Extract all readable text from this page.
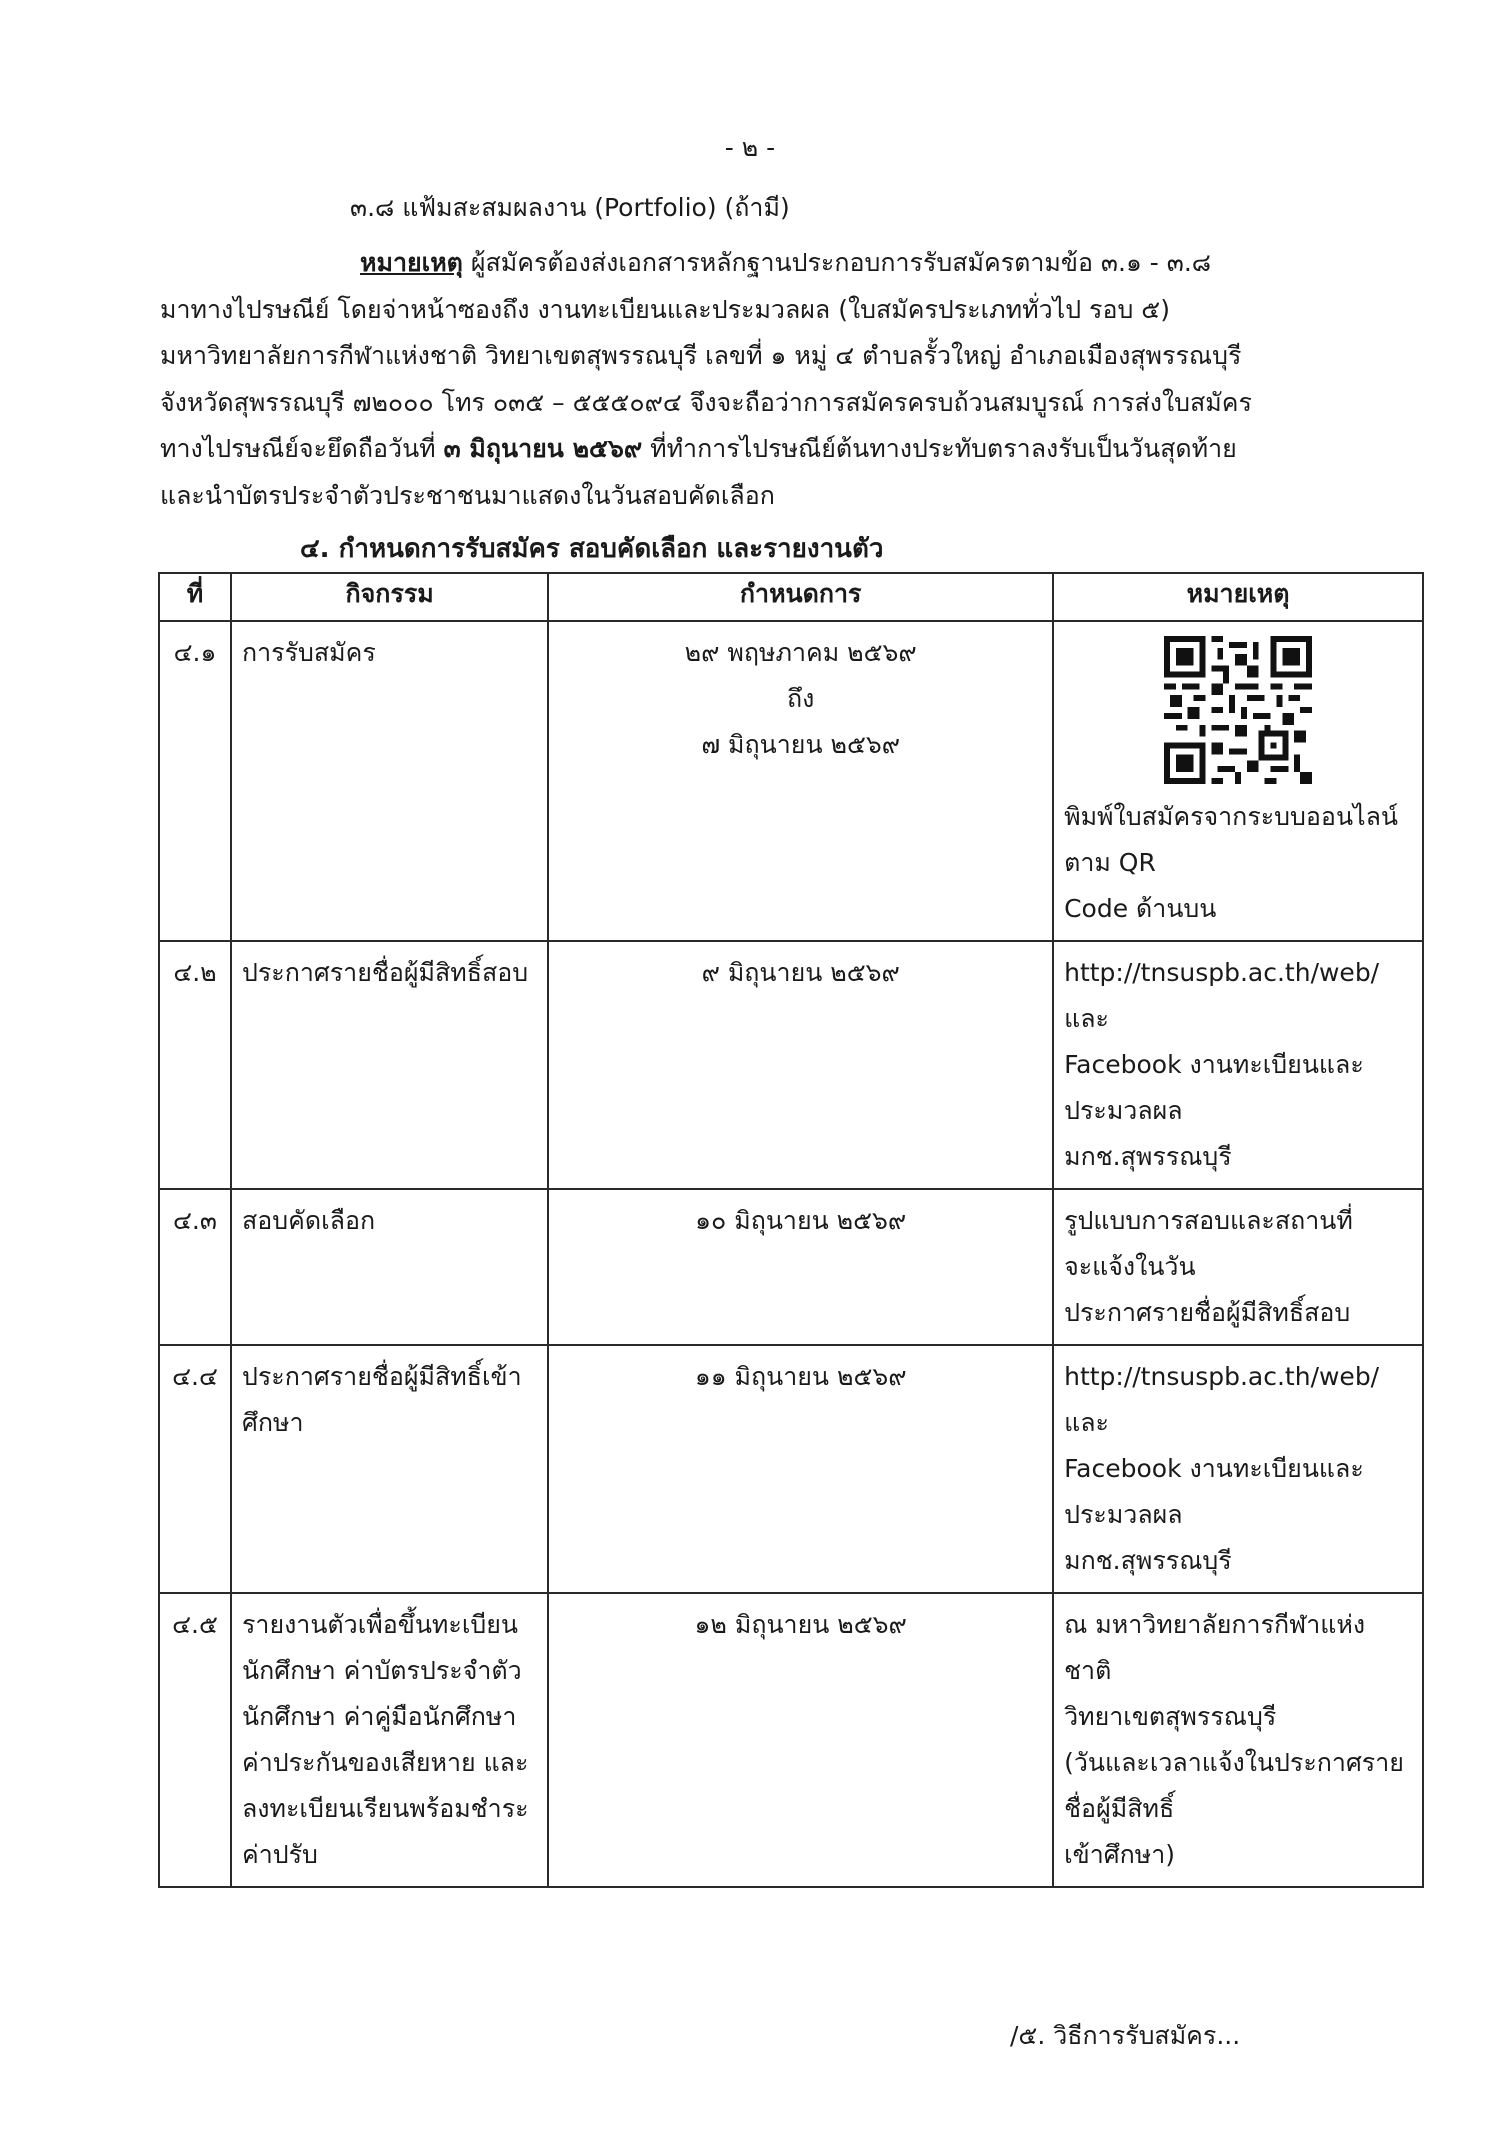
- ๒ -
๓.๘ แฟ้มสะสมผลงาน (Portfolio) (ถ้ามี)

หมายเหตุ ผู้สมัครต้องส่งเอกสารหลักฐานประกอบการรับสมัครตามข้อ ๓.๑ - ๓.๘

มาทางไปรษณีย์ โดยจ่าหน้าซองถึง งานทะเบียนและประมวลผล (ใบสมัครประเภททั่วไป รอบ ๕)

มหาวิทยาลัยการกีฬาแห่งชาติ วิทยาเขตสุพรรณบุรี เลขที่ ๑ หมู่ ๔ ตำบลรั้วใหญ่ อำเภอเมืองสุพรรณบุรี

จังหวัดสุพรรณบุรี ๗๒๐๐๐ โทร ๐๓๕ – ๕๕๕๐๙๔ จึงจะถือว่าการสมัครครบถ้วนสมบูรณ์ การส่งใบสมัคร

ทางไปรษณีย์จะยึดถือวันที่ ๓ มิถุนายน ๒๕๖๙ ที่ทำการไปรษณีย์ต้นทางประทับตราลงรับเป็นวันสุดท้าย

และนำบัตรประจำตัวประชาชนมาแสดงในวันสอบคัดเลือก

๔. กำหนดการรับสมัคร สอบคัดเลือก และรายงานตัว
ที่	กิจกรรม	กำหนดการ	หมายเหตุ
๔.๑	การรับสมัคร	๒๙ พฤษภาคม ๒๕๖๙
ถึง
๗ มิถุนายน ๒๕๖๙	พิมพ์ใบสมัครจากระบบออนไลน์ตาม QR
Code ด้านบน

๔.๒	ประกาศรายชื่อผู้มีสิทธิ์สอบ	๙ มิถุนายน ๒๕๖๙	http://tnsuspb.ac.th/web/ และ
Facebook งานทะเบียนและประมวลผล
มกช.สุพรรณบุรี

๔.๓	สอบคัดเลือก	๑๐ มิถุนายน ๒๕๖๙	รูปแบบการสอบและสถานที่จะแจ้งในวัน
ประกาศรายชื่อผู้มีสิทธิ์สอบ

๔.๔	ประกาศรายชื่อผู้มีสิทธิ์เข้าศึกษา	๑๑ มิถุนายน ๒๕๖๙	http://tnsuspb.ac.th/web/ และ
Facebook งานทะเบียนและประมวลผล
มกช.สุพรรณบุรี

๔.๕	รายงานตัวเพื่อขึ้นทะเบียนนักศึกษา ค่าบัตรประจำตัวนักศึกษา ค่าคู่มือนักศึกษา ค่าประกันของเสียหาย และลงทะเบียนเรียนพร้อมชำระค่าปรับ	๑๒ มิถุนายน ๒๕๖๙	ณ มหาวิทยาลัยการกีฬาแห่งชาติ
วิทยาเขตสุพรรณบุรี
(วันและเวลาแจ้งในประกาศรายชื่อผู้มีสิทธิ์
เข้าศึกษา)
/๕. วิธีการรับสมัคร...
